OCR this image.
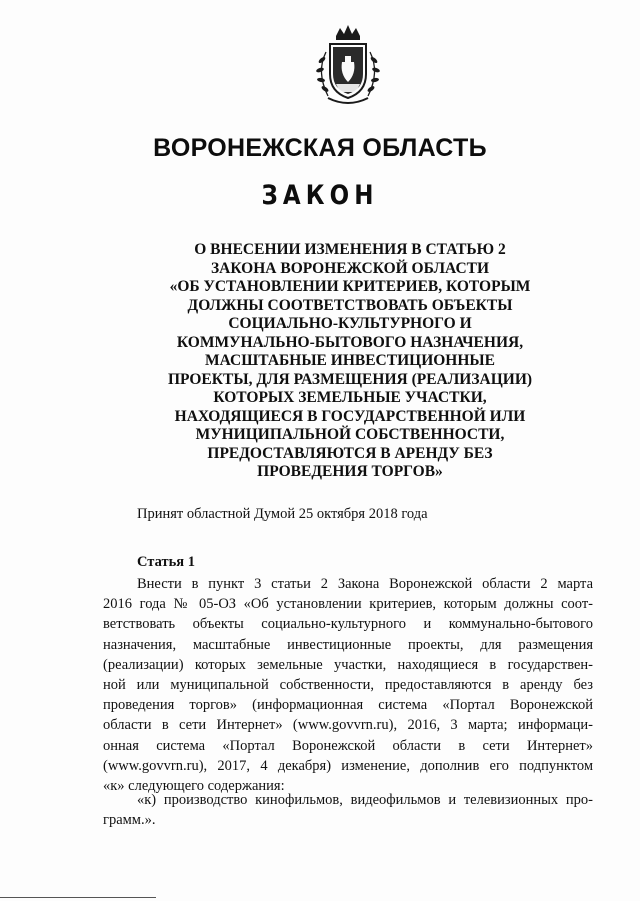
ВОРОНЕЖСКАЯ ОБЛАСТЬ
ЗАКОН
О ВНЕСЕНИИ ИЗМЕНЕНИЯ В СТАТЬЮ 2
ЗАКОНА ВОРОНЕЖСКОЙ ОБЛАСТИ
«ОБ УСТАНОВЛЕНИИ КРИТЕРИЕВ, КОТОРЫМ
ДОЛЖНЫ СООТВЕТСТВОВАТЬ ОБЪЕКТЫ
СОЦИАЛЬНО-КУЛЬТУРНОГО И
КОММУНАЛЬНО-БЫТОВОГО НАЗНАЧЕНИЯ,
МАСШТАБНЫЕ ИНВЕСТИЦИОННЫЕ
ПРОЕКТЫ, ДЛЯ РАЗМЕЩЕНИЯ (РЕАЛИЗАЦИИ)
КОТОРЫХ ЗЕМЕЛЬНЫЕ УЧАСТКИ,
НАХОДЯЩИЕСЯ В ГОСУДАРСТВЕННОЙ ИЛИ
МУНИЦИПАЛЬНОЙ СОБСТВЕННОСТИ,
ПРЕДОСТАВЛЯЮТСЯ В АРЕНДУ БЕЗ
ПРОВЕДЕНИЯ ТОРГОВ»
Принят областной Думой 25 октября 2018 года
Статья 1
Внести в пункт 3 статьи 2 Закона Воронежской области 2 марта
2016 года № 05-ОЗ «Об установлении критериев, которым должны соот-
ветствовать объекты социально-культурного и коммунально-бытового
назначения, масштабные инвестиционные проекты, для размещения
(реализации) которых земельные участки, находящиеся в государствен-
ной или муниципальной собственности, предоставляются в аренду без
проведения торгов» (информационная система «Портал Воронежской
области в сети Интернет» (www.govvrn.ru), 2016, 3 марта; информаци-
онная система «Портал Воронежской области в сети Интернет»
(www.govvrn.ru), 2017, 4 декабря) изменение, дополнив его подпунктом
«к» следующего содержания:
«к) производство кинофильмов, видеофильмов и телевизионных про-
грамм.».
